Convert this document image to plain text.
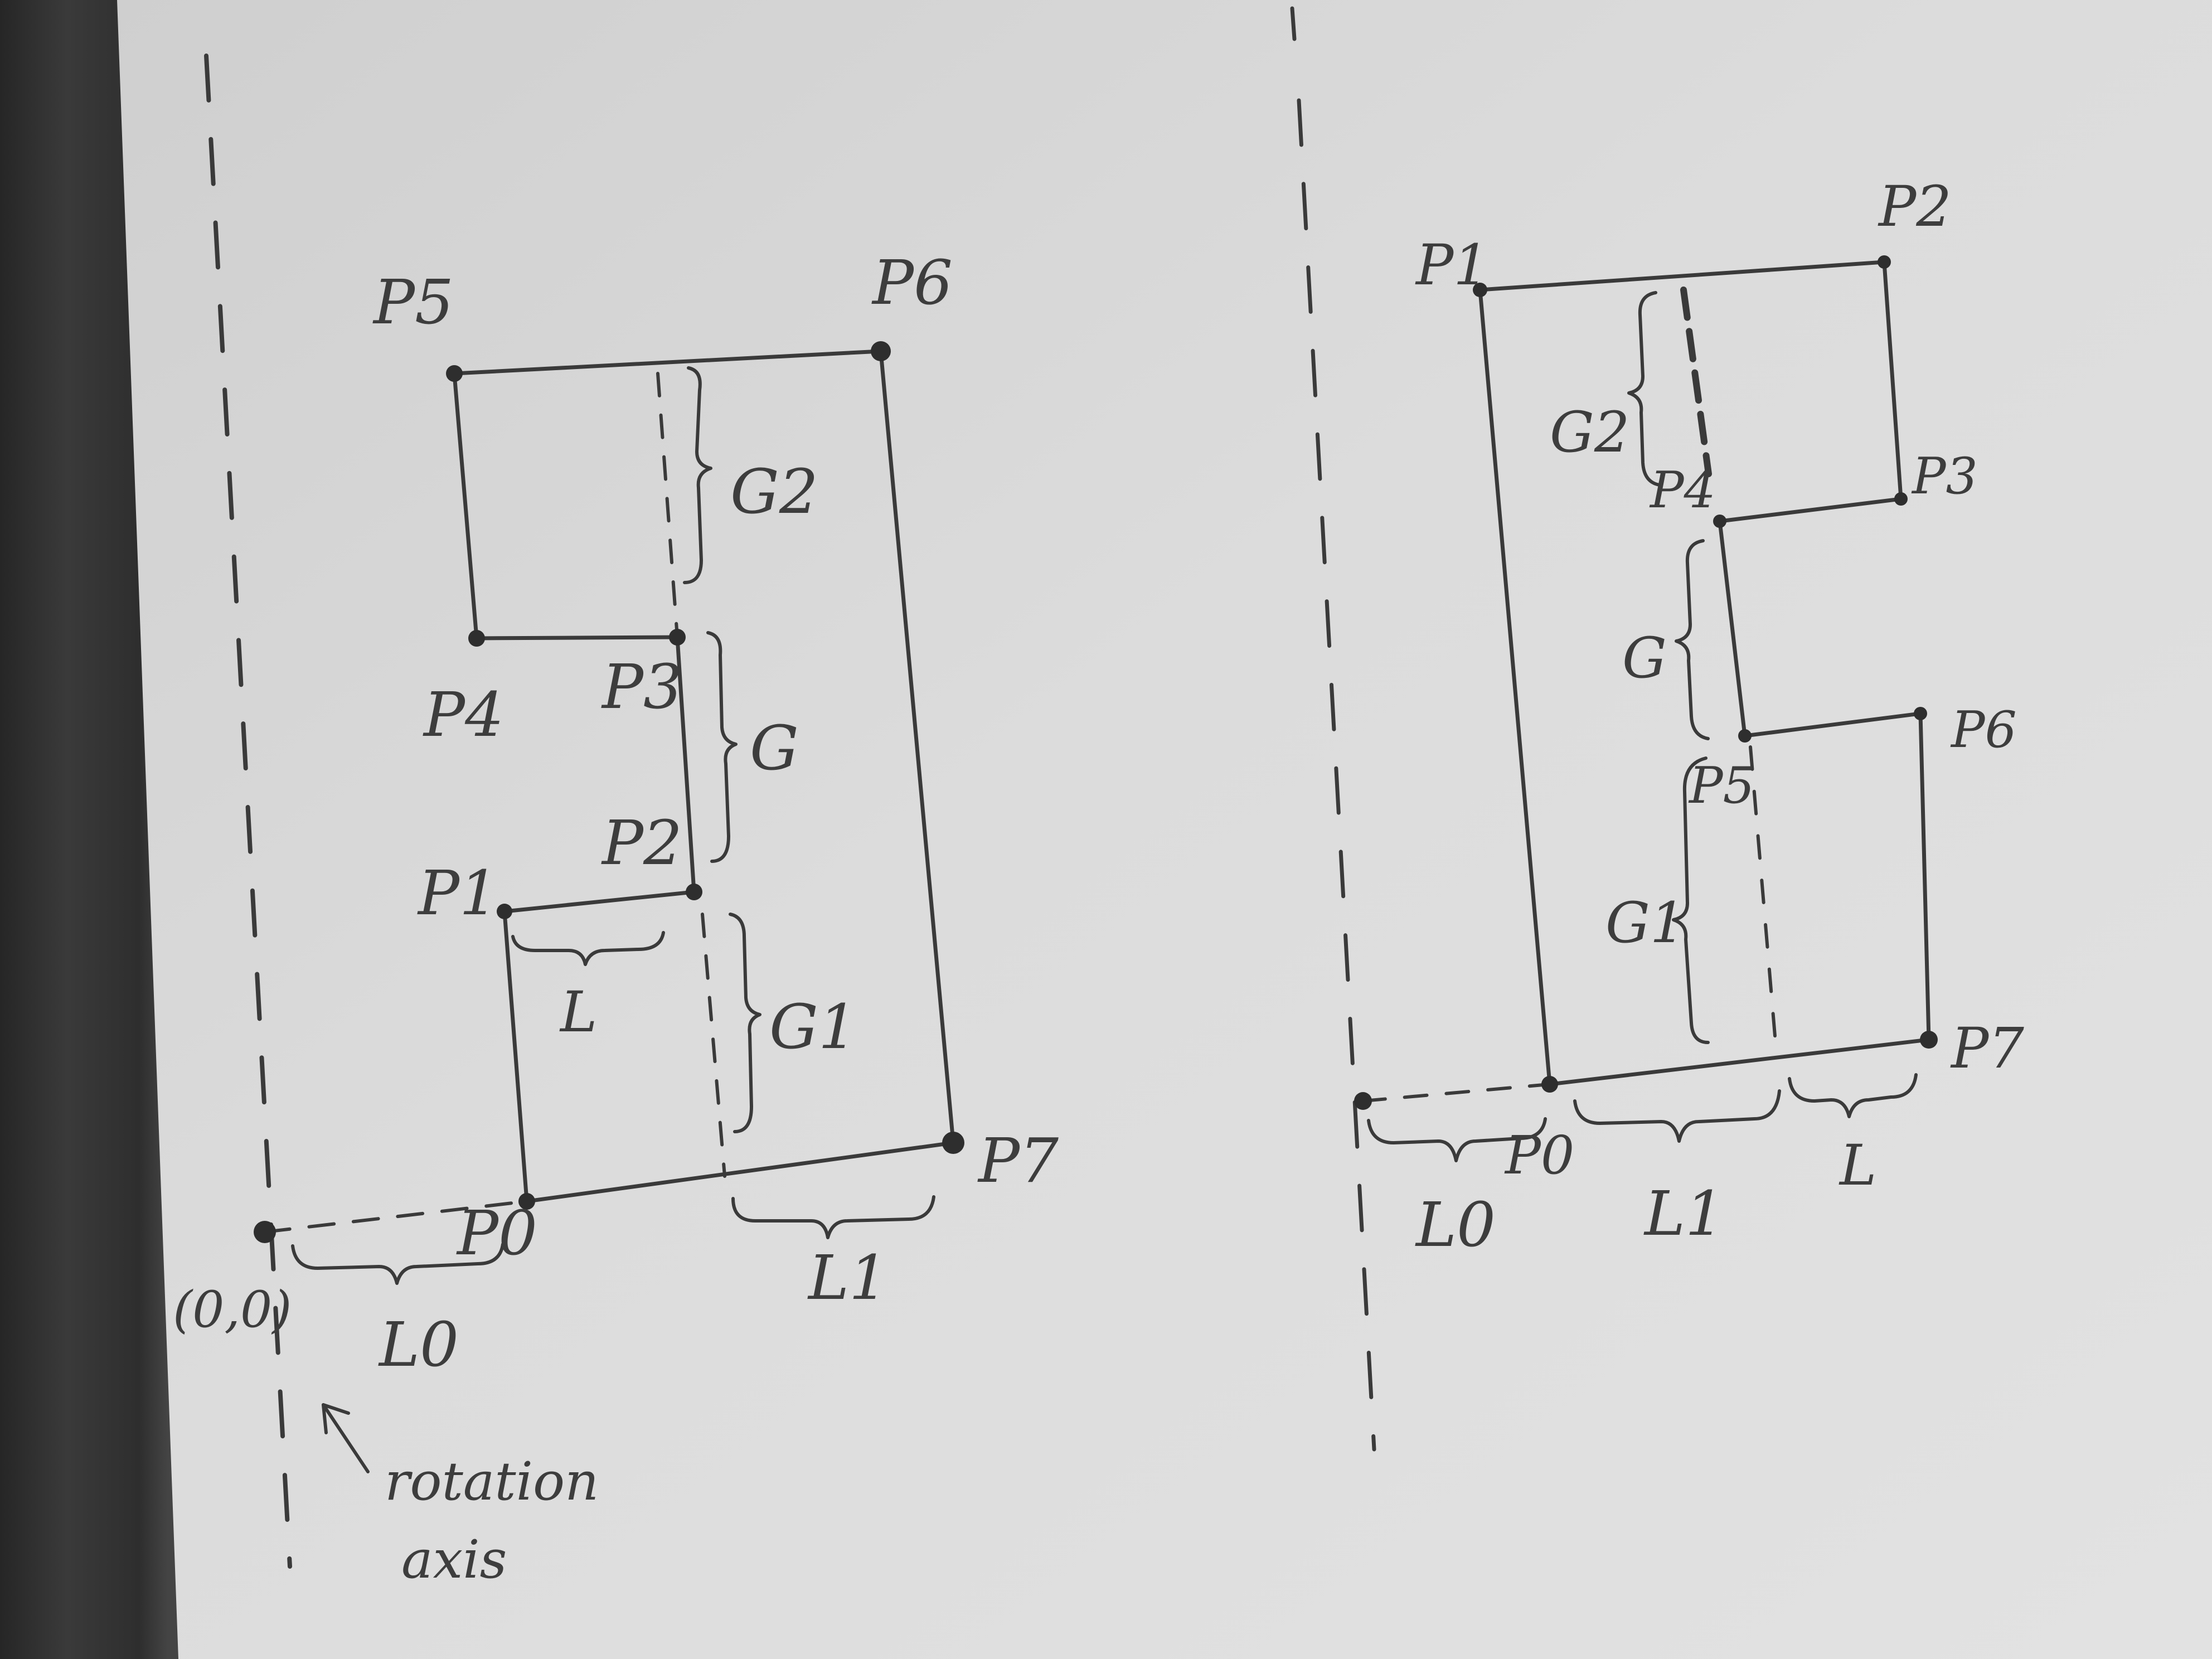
P5	P6
P7
P4 P3
P2
P1
P0
(0,0)
L
L0
L1
G2
G
G1
rotation
axis
P1
P2
P3
P4
P5
P6
P7
P0
L0 L1
L
G2
G
G1
